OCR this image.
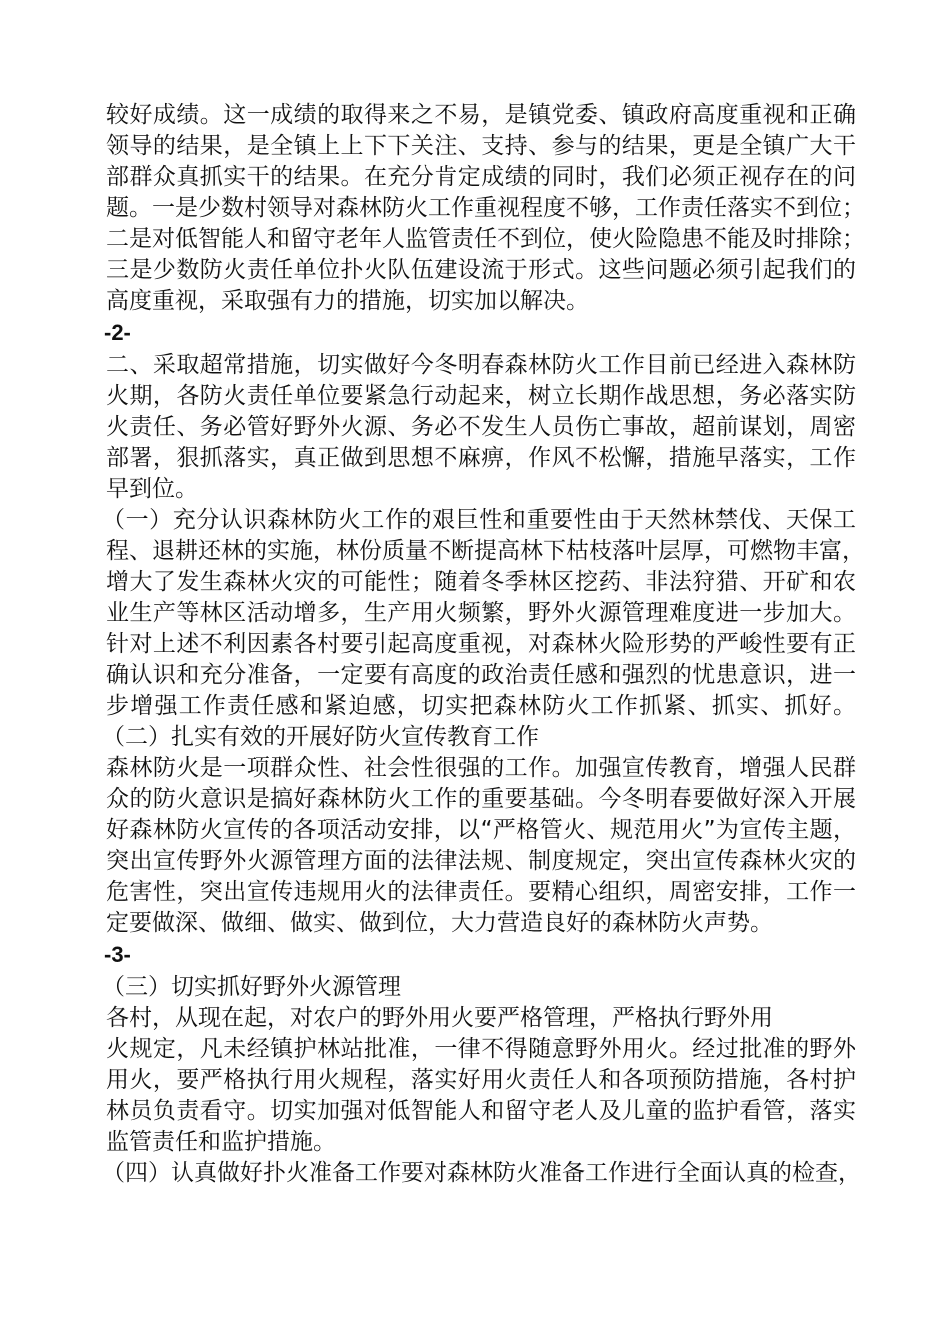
较好成绩。这一成绩的取得来之不易，是镇党委、镇政府高度重视和正确
领导的结果，是全镇上上下下关注、支持、参与的结果，更是全镇广大干
部群众真抓实干的结果。在充分肯定成绩的同时，我们必须正视存在的问
题。一是少数村领导对森林防火工作重视程度不够，工作责任落实不到位；
二是对低智能人和留守老年人监管责任不到位，使火险隐患不能及时排除；
三是少数防火责任单位扑火队伍建设流于形式。这些问题必须引起我们的
高度重视，采取强有力的措施，切实加以解决。
-2-
二、采取超常措施，切实做好今冬明春森林防火工作目前已经进入森林防
火期，各防火责任单位要紧急行动起来，树立长期作战思想，务必落实防
火责任、务必管好野外火源、务必不发生人员伤亡事故，超前谋划，周密
部署，狠抓落实，真正做到思想不麻痹，作风不松懈，措施早落实，工作
早到位。
（一）充分认识森林防火工作的艰巨性和重要性由于天然林禁伐、天保工
程、退耕还林的实施，林份质量不断提高林下枯枝落叶层厚，可燃物丰富，
增大了发生森林火灾的可能性；随着冬季林区挖药、非法狩猎、开矿和农
业生产等林区活动增多，生产用火频繁，野外火源管理难度进一步加大。
针对上述不利因素各村要引起高度重视，对森林火险形势的严峻性要有正
确认识和充分准备，一定要有高度的政治责任感和强烈的忧患意识，进一
步增强工作责任感和紧迫感，切实把森林防火工作抓紧、抓实、抓好。
（二）扎实有效的开展好防火宣传教育工作
森林防火是一项群众性、社会性很强的工作。加强宣传教育，增强人民群
众的防火意识是搞好森林防火工作的重要基础。今冬明春要做好深入开展
好森林防火宣传的各项活动安排，以“严格管火、规范用火”为宣传主题，
突出宣传野外火源管理方面的法律法规、制度规定，突出宣传森林火灾的
危害性，突出宣传违规用火的法律责任。要精心组织，周密安排，工作一
定要做深、做细、做实、做到位，大力营造良好的森林防火声势。
-3-
（三）切实抓好野外火源管理
各村，从现在起，对农户的野外用火要严格管理，严格执行野外用
火规定，凡未经镇护林站批准，一律不得随意野外用火。经过批准的野外
用火，要严格执行用火规程，落实好用火责任人和各项预防措施，各村护
林员负责看守。切实加强对低智能人和留守老人及儿童的监护看管，落实
监管责任和监护措施。
（四）认真做好扑火准备工作要对森林防火准备工作进行全面认真的检查，
